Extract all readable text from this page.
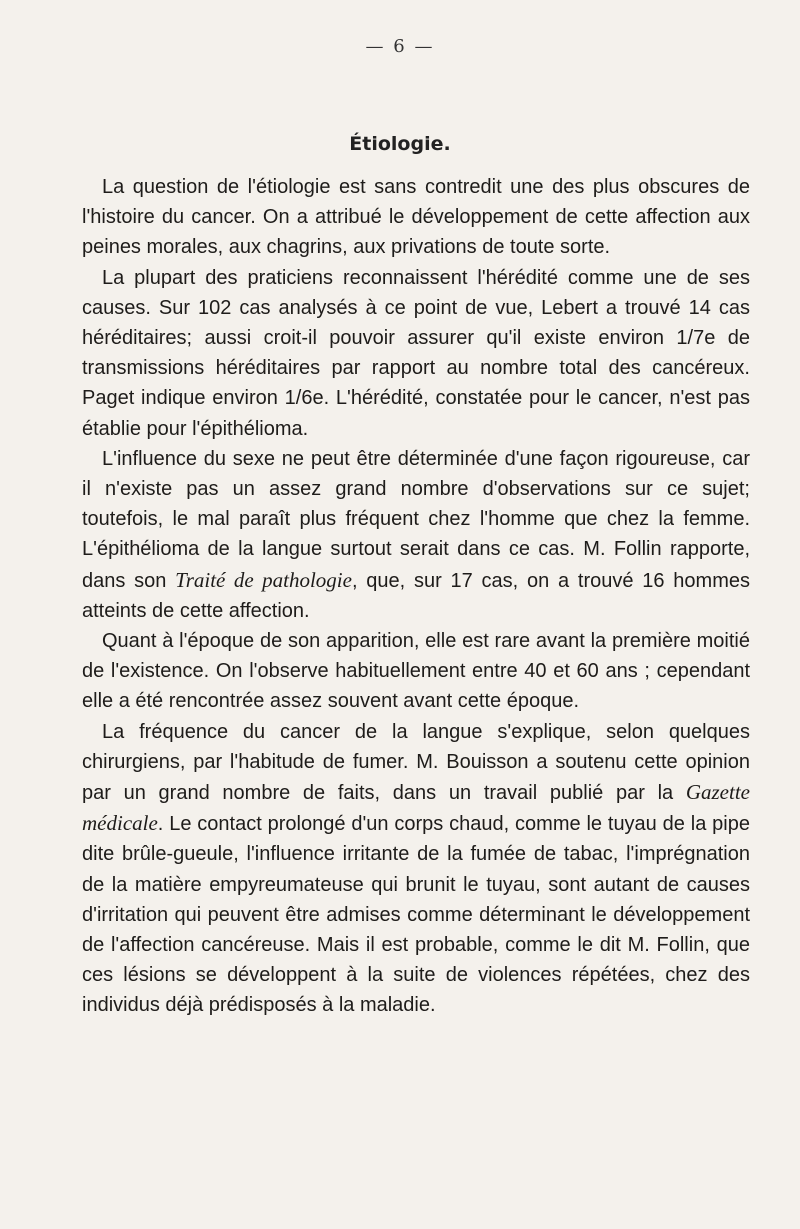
— 6 —
Étiologie.

La question de l'étiologie est sans contredit une des plus obscures de l'histoire du cancer. On a attribué le développement de cette affection aux peines morales, aux chagrins, aux privations de toute sorte.

La plupart des praticiens reconnaissent l'hérédité comme une de ses causes. Sur 102 cas analysés à ce point de vue, Lebert a trouvé 14 cas héréditaires; aussi croit-il pouvoir assurer qu'il existe environ 1/7e de transmissions héréditaires par rapport au nombre total des cancéreux. Paget indique environ 1/6e. L'hérédité, constatée pour le cancer, n'est pas établie pour l'épithélioma.

L'influence du sexe ne peut être déterminée d'une façon rigoureuse, car il n'existe pas un assez grand nombre d'observations sur ce sujet; toutefois, le mal paraît plus fréquent chez l'homme que chez la femme. L'épithélioma de la langue surtout serait dans ce cas. M. Follin rapporte, dans son Traité de pathologie, que, sur 17 cas, on a trouvé 16 hommes atteints de cette affection.

Quant à l'époque de son apparition, elle est rare avant la première moitié de l'existence. On l'observe habituellement entre 40 et 60 ans ; cependant elle a été rencontrée assez souvent avant cette époque.

La fréquence du cancer de la langue s'explique, selon quelques chirurgiens, par l'habitude de fumer. M. Bouisson a soutenu cette opinion par un grand nombre de faits, dans un travail publié par la Gazette médicale. Le contact prolongé d'un corps chaud, comme le tuyau de la pipe dite brûle-gueule, l'influence irritante de la fumée de tabac, l'imprégnation de la matière empyreumateuse qui brunit le tuyau, sont autant de causes d'irritation qui peuvent être admises comme déterminant le développement de l'affection cancéreuse. Mais il est probable, comme le dit M. Follin, que ces lésions se développent à la suite de violences répétées, chez des individus déjà prédisposés à la maladie.
